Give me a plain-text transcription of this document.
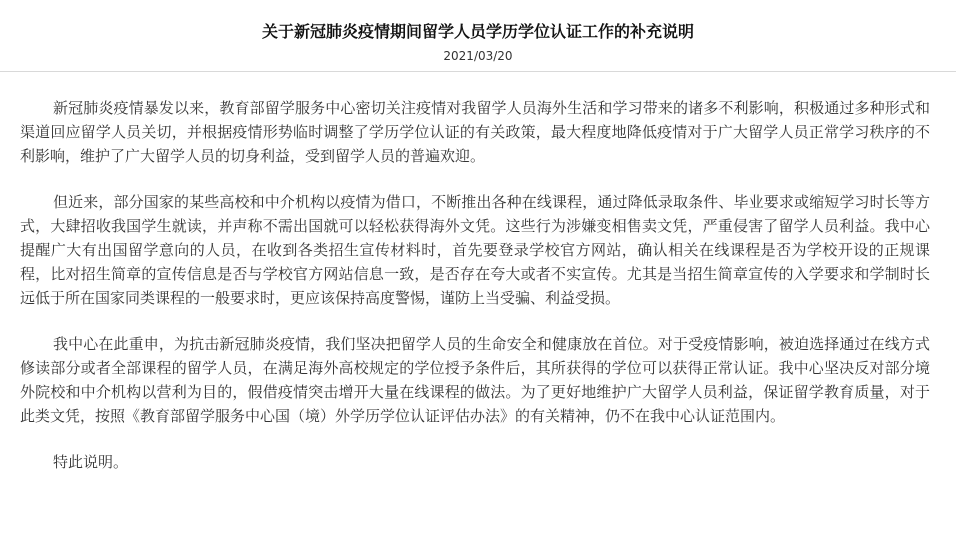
关于新冠肺炎疫情期间留学人员学历学位认证工作的补充说明
2021/03/20

新冠肺炎疫情暴发以来，教育部留学服务中心密切关注疫情对我留学人员海外生活和学习带来的诸多不利影响，积极通过多种形式和渠道回应留学人员关切，并根据疫情形势临时调整了学历学位认证的有关政策，最大程度地降低疫情对于广大留学人员正常学习秩序的不利影响，维护了广大留学人员的切身利益，受到留学人员的普遍欢迎。

但近来，部分国家的某些高校和中介机构以疫情为借口，不断推出各种在线课程，通过降低录取条件、毕业要求或缩短学习时长等方式，大肆招收我国学生就读，并声称不需出国就可以轻松获得海外文凭。这些行为涉嫌变相售卖文凭，严重侵害了留学人员利益。我中心提醒广大有出国留学意向的人员，在收到各类招生宣传材料时，首先要登录学校官方网站，确认相关在线课程是否为学校开设的正规课程，比对招生简章的宣传信息是否与学校官方网站信息一致，是否存在夸大或者不实宣传。尤其是当招生简章宣传的入学要求和学制时长远低于所在国家同类课程的一般要求时，更应该保持高度警惕，谨防上当受骗、利益受损。

我中心在此重申，为抗击新冠肺炎疫情，我们坚决把留学人员的生命安全和健康放在首位。对于受疫情影响，被迫选择通过在线方式修读部分或者全部课程的留学人员，在满足海外高校规定的学位授予条件后，其所获得的学位可以获得正常认证。我中心坚决反对部分境外院校和中介机构以营利为目的，假借疫情突击增开大量在线课程的做法。为了更好地维护广大留学人员利益，保证留学教育质量，对于此类文凭，按照《教育部留学服务中心国（境）外学历学位认证评估办法》的有关精神，仍不在我中心认证范围内。

特此说明。
